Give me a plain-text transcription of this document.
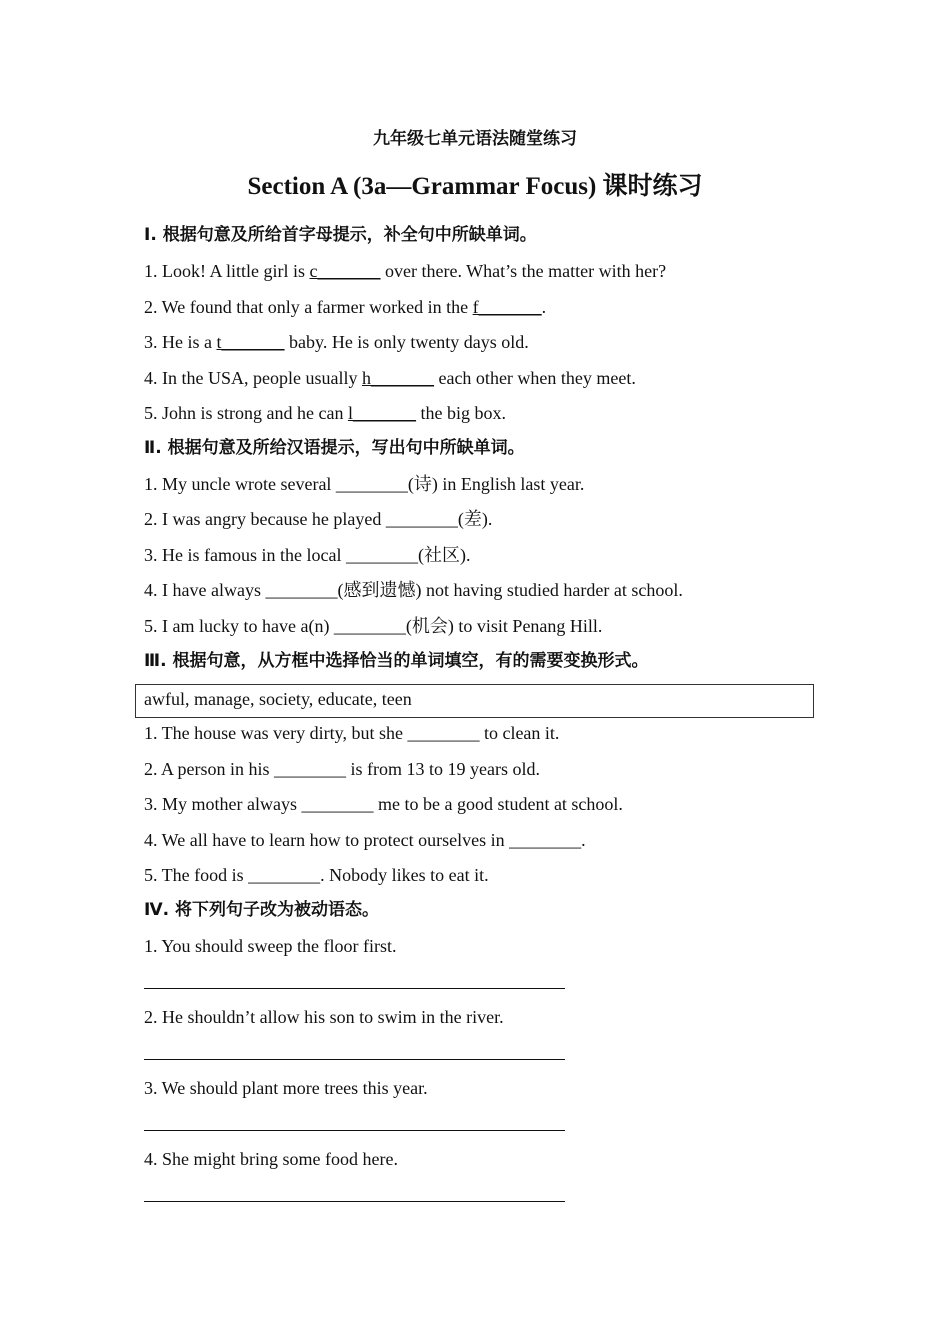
九年级七单元语法随堂练习
Section A (3a—Grammar Focus) 课时练习
Ⅰ. 根据句意及所给首字母提示，补全句中所缺单词。
1. Look! A little girl is c_______ over there. What’s the matter with her?
2. We found that only a farmer worked in the f_______.
3. He is a t_______ baby. He is only twenty days old.
4. In the USA, people usually h_______ each other when they meet.
5. John is strong and he can l_______ the big box.
Ⅱ. 根据句意及所给汉语提示，写出句中所缺单词。
1. My uncle wrote several ________(诗) in English last year.
2. I was angry because he played ________(差).
3. He is famous in the local ________(社区).
4. I have always ________(感到遗憾) not having studied harder at school.
5. I am lucky to have a(n) ________(机会) to visit Penang Hill.
Ⅲ. 根据句意，从方框中选择恰当的单词填空，有的需要变换形式。
awful, manage, society, educate, teen
1. The house was very dirty, but she ________ to clean it.
2. A person in his ________ is from 13 to 19 years old.
3. My mother always ________ me to be a good student at school.
4. We all have to learn how to protect ourselves in ________.
5. The food is ________. Nobody likes to eat it.
Ⅳ. 将下列句子改为被动语态。
1. You should sweep the floor first.
2. He shouldn’t allow his son to swim in the river.
3. We should plant more trees this year.
4. She might bring some food here.
